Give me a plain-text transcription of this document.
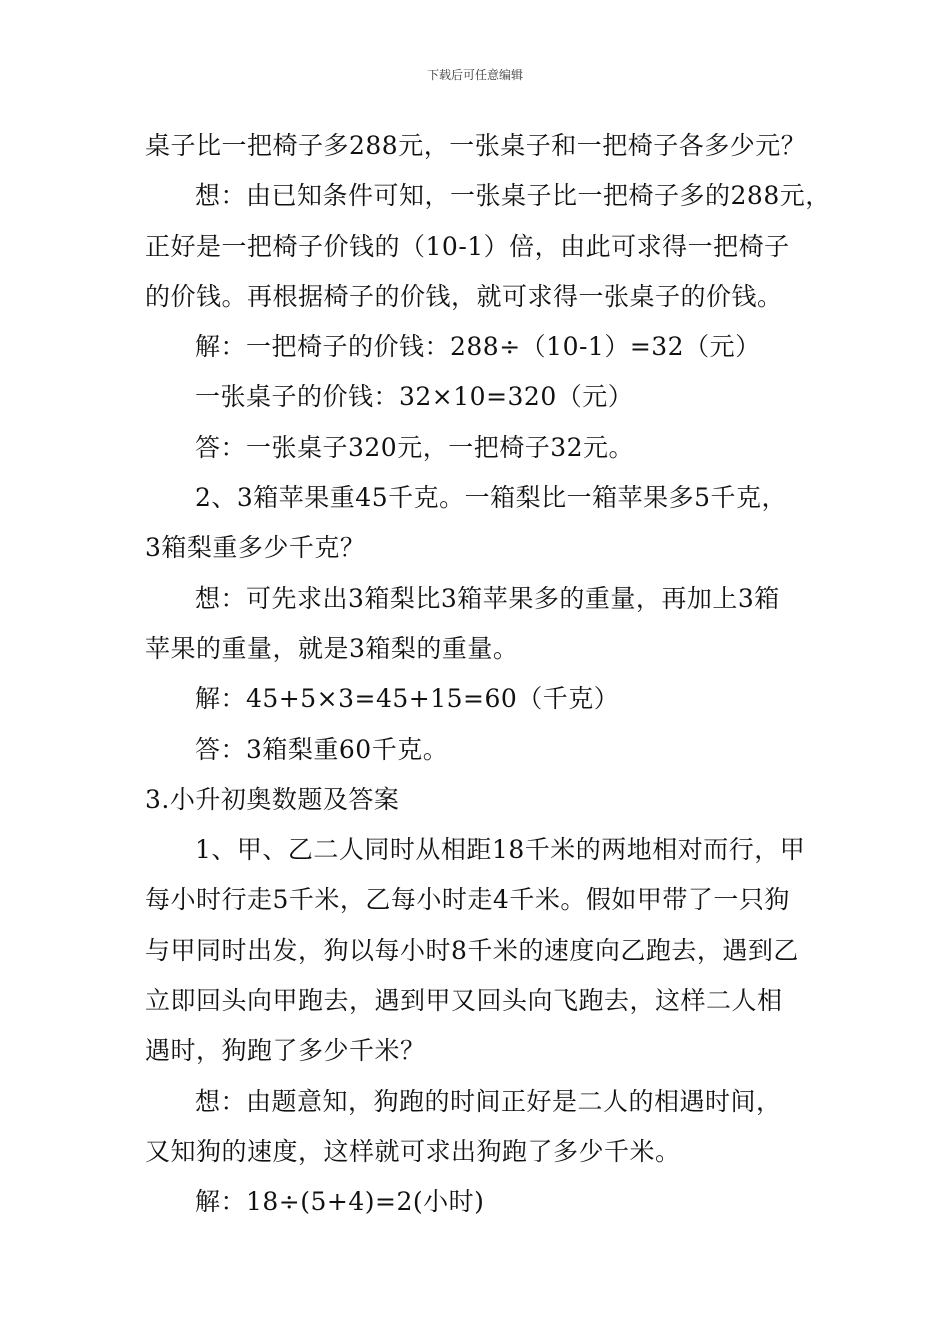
下载后可任意编辑
桌子比一把椅子多288元，一张桌子和一把椅子各多少元？
想：由已知条件可知，一张桌子比一把椅子多的288元，
正好是一把椅子价钱的（10-1）倍，由此可求得一把椅子
的价钱。再根据椅子的价钱，就可求得一张桌子的价钱。
解：一把椅子的价钱：288÷（10-1）=32（元）
一张桌子的价钱：32×10=320（元）
答：一张桌子320元，一把椅子32元。
2、3箱苹果重45千克。一箱梨比一箱苹果多5千克，
3箱梨重多少千克？
想：可先求出3箱梨比3箱苹果多的重量，再加上3箱
苹果的重量，就是3箱梨的重量。
解：45+5×3=45+15=60（千克）
答：3箱梨重60千克。
3.小升初奥数题及答案
1、甲、乙二人同时从相距18千米的两地相对而行，甲
每小时行走5千米，乙每小时走4千米。假如甲带了一只狗
与甲同时出发，狗以每小时8千米的速度向乙跑去，遇到乙
立即回头向甲跑去，遇到甲又回头向飞跑去，这样二人相
遇时，狗跑了多少千米？
想：由题意知，狗跑的时间正好是二人的相遇时间，
又知狗的速度，这样就可求出狗跑了多少千米。
解：18÷(5+4)=2(小时)
